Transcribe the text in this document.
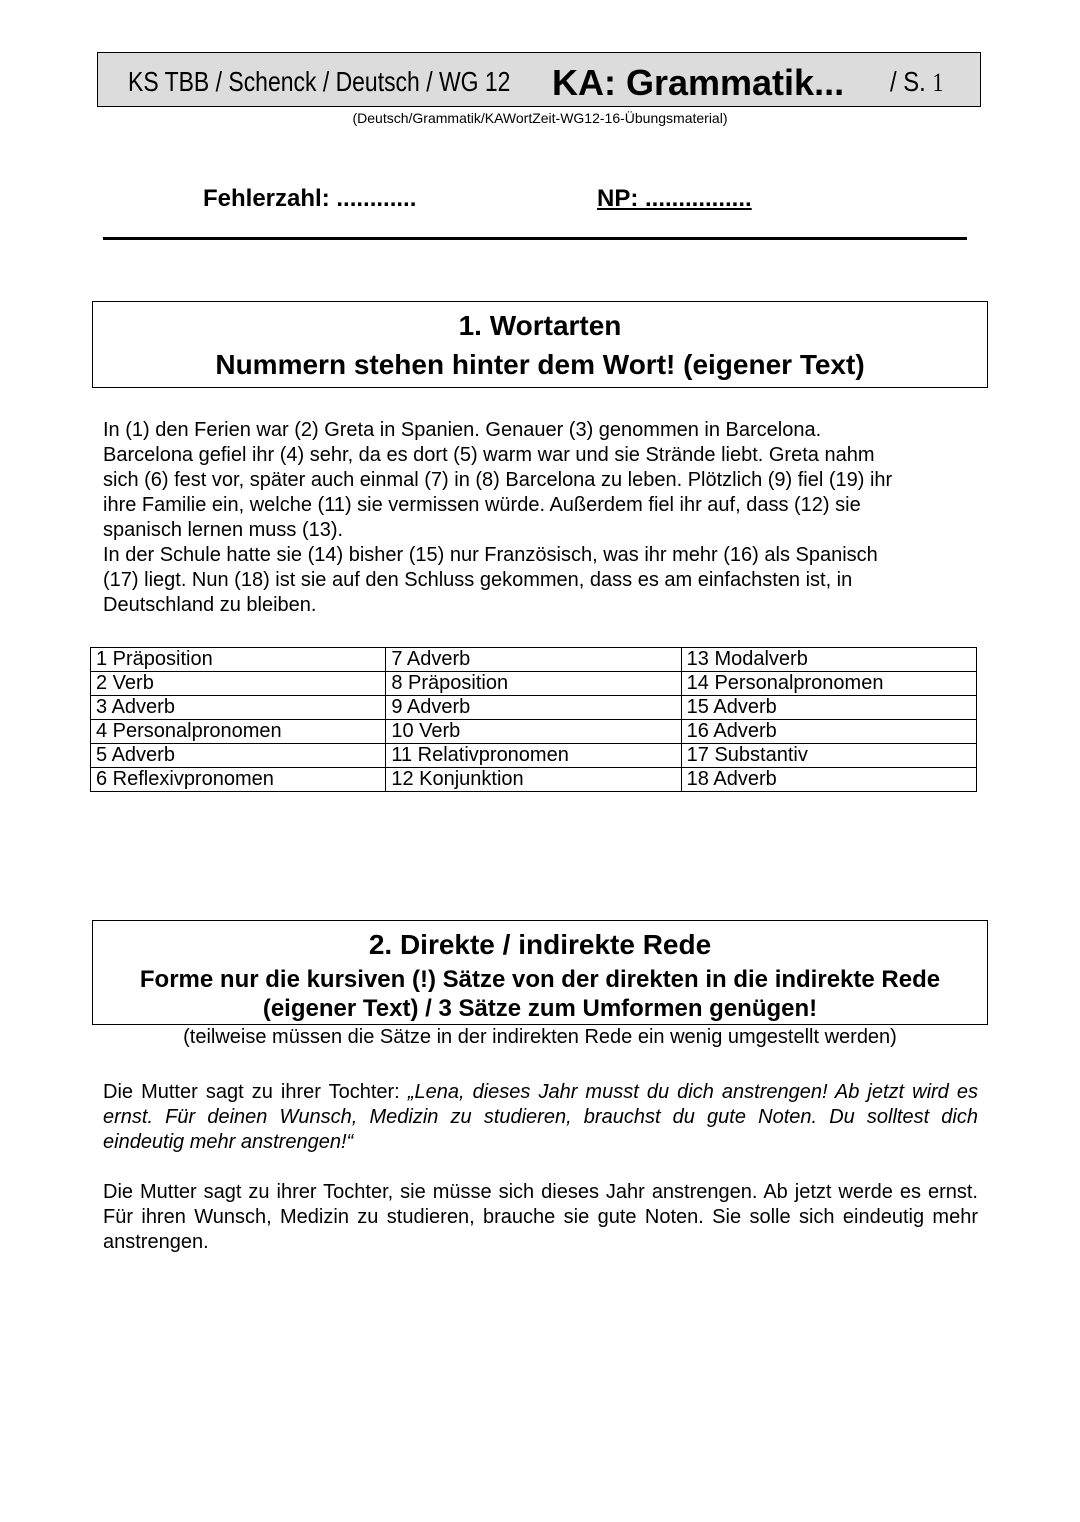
KS TBB / Schenck / Deutsch / WG 12 KA: Grammatik... / S. 1
(Deutsch/Grammatik/KAWortZeit-WG12-16-Übungsmaterial)
Fehlerzahl: ............	NP: ................
1. Wortarten
Nummern stehen hinter dem Wort! (eigener Text)
In (1) den Ferien war (2) Greta in Spanien. Genauer (3) genommen in Barcelona.
Barcelona gefiel ihr (4) sehr, da es dort (5) warm war und sie Strände liebt. Greta nahm
sich (6) fest vor, später auch einmal (7) in (8) Barcelona zu leben. Plötzlich (9) fiel (19) ihr
ihre Familie ein, welche (11) sie vermissen würde. Außerdem fiel ihr auf, dass (12) sie
spanisch lernen muss (13).
In der Schule hatte sie (14) bisher (15) nur Französisch, was ihr mehr (16) als Spanisch
(17) liegt. Nun (18) ist sie auf den Schluss gekommen, dass es am einfachsten ist, in
Deutschland zu bleiben.
1 Präposition	7 Adverb	13 Modalverb
2 Verb	8 Präposition	14 Personalpronomen
3 Adverb	9 Adverb	15 Adverb
4 Personalpronomen	10 Verb	16 Adverb
5 Adverb	11 Relativpronomen	17 Substantiv
6 Reflexivpronomen	12 Konjunktion	18 Adverb
2. Direkte / indirekte Rede
Forme nur die kursiven (!) Sätze von der direkten in die indirekte Rede
(eigener Text) / 3 Sätze zum Umformen genügen!
(teilweise müssen die Sätze in der indirekten Rede ein wenig umgestellt werden)
Die Mutter sagt zu ihrer Tochter: „Lena, dieses Jahr musst du dich anstrengen! Ab jetzt wird es ernst. Für deinen Wunsch, Medizin zu studieren, brauchst du gute Noten. Du solltest dich eindeutig mehr anstrengen!“
Die Mutter sagt zu ihrer Tochter, sie müsse sich dieses Jahr anstrengen. Ab jetzt werde es ernst. Für ihren Wunsch, Medizin zu studieren, brauche sie gute Noten. Sie solle sich eindeutig mehr anstrengen.
